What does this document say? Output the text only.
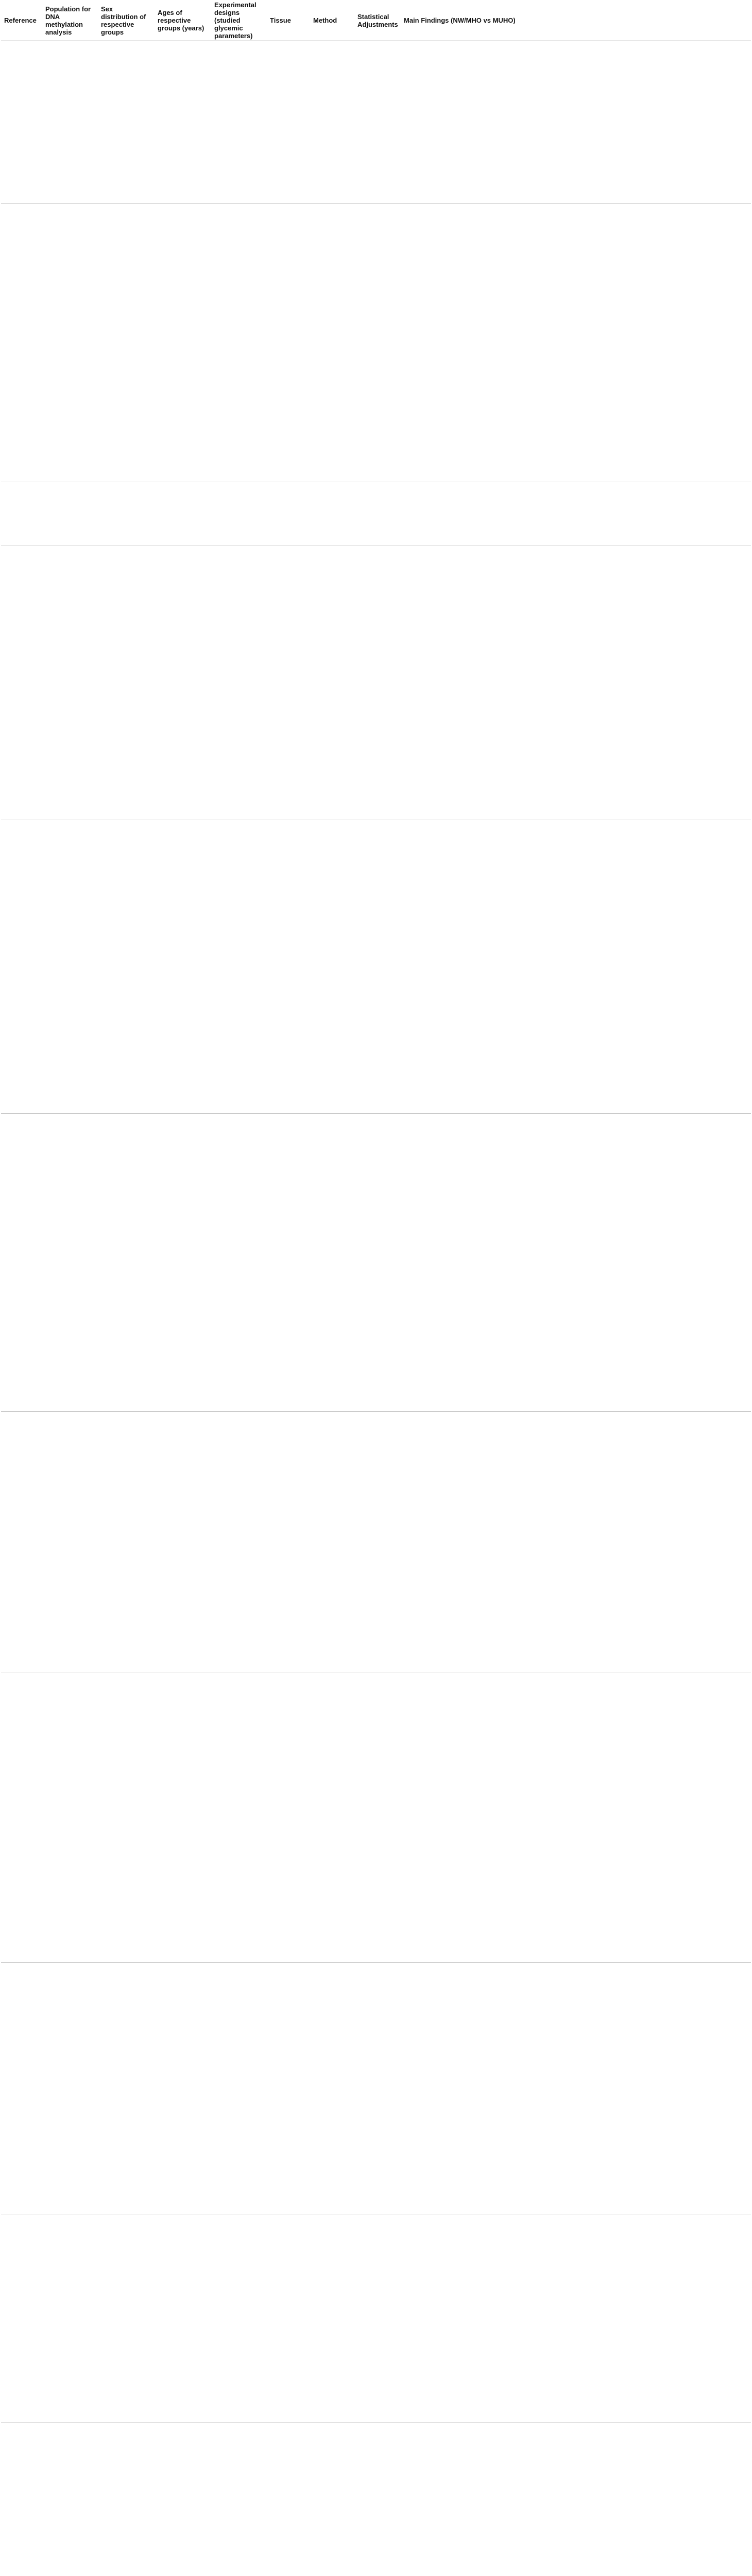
Reference	Population for DNA methylation analysis	Sex distribution of respective groups	Ages of respective groups (years)	Experimental designs (studied glycemic parameters)	Tissue	Method	Statistical Adjustments	Main Findings (NW/MHO vs MUHO)
